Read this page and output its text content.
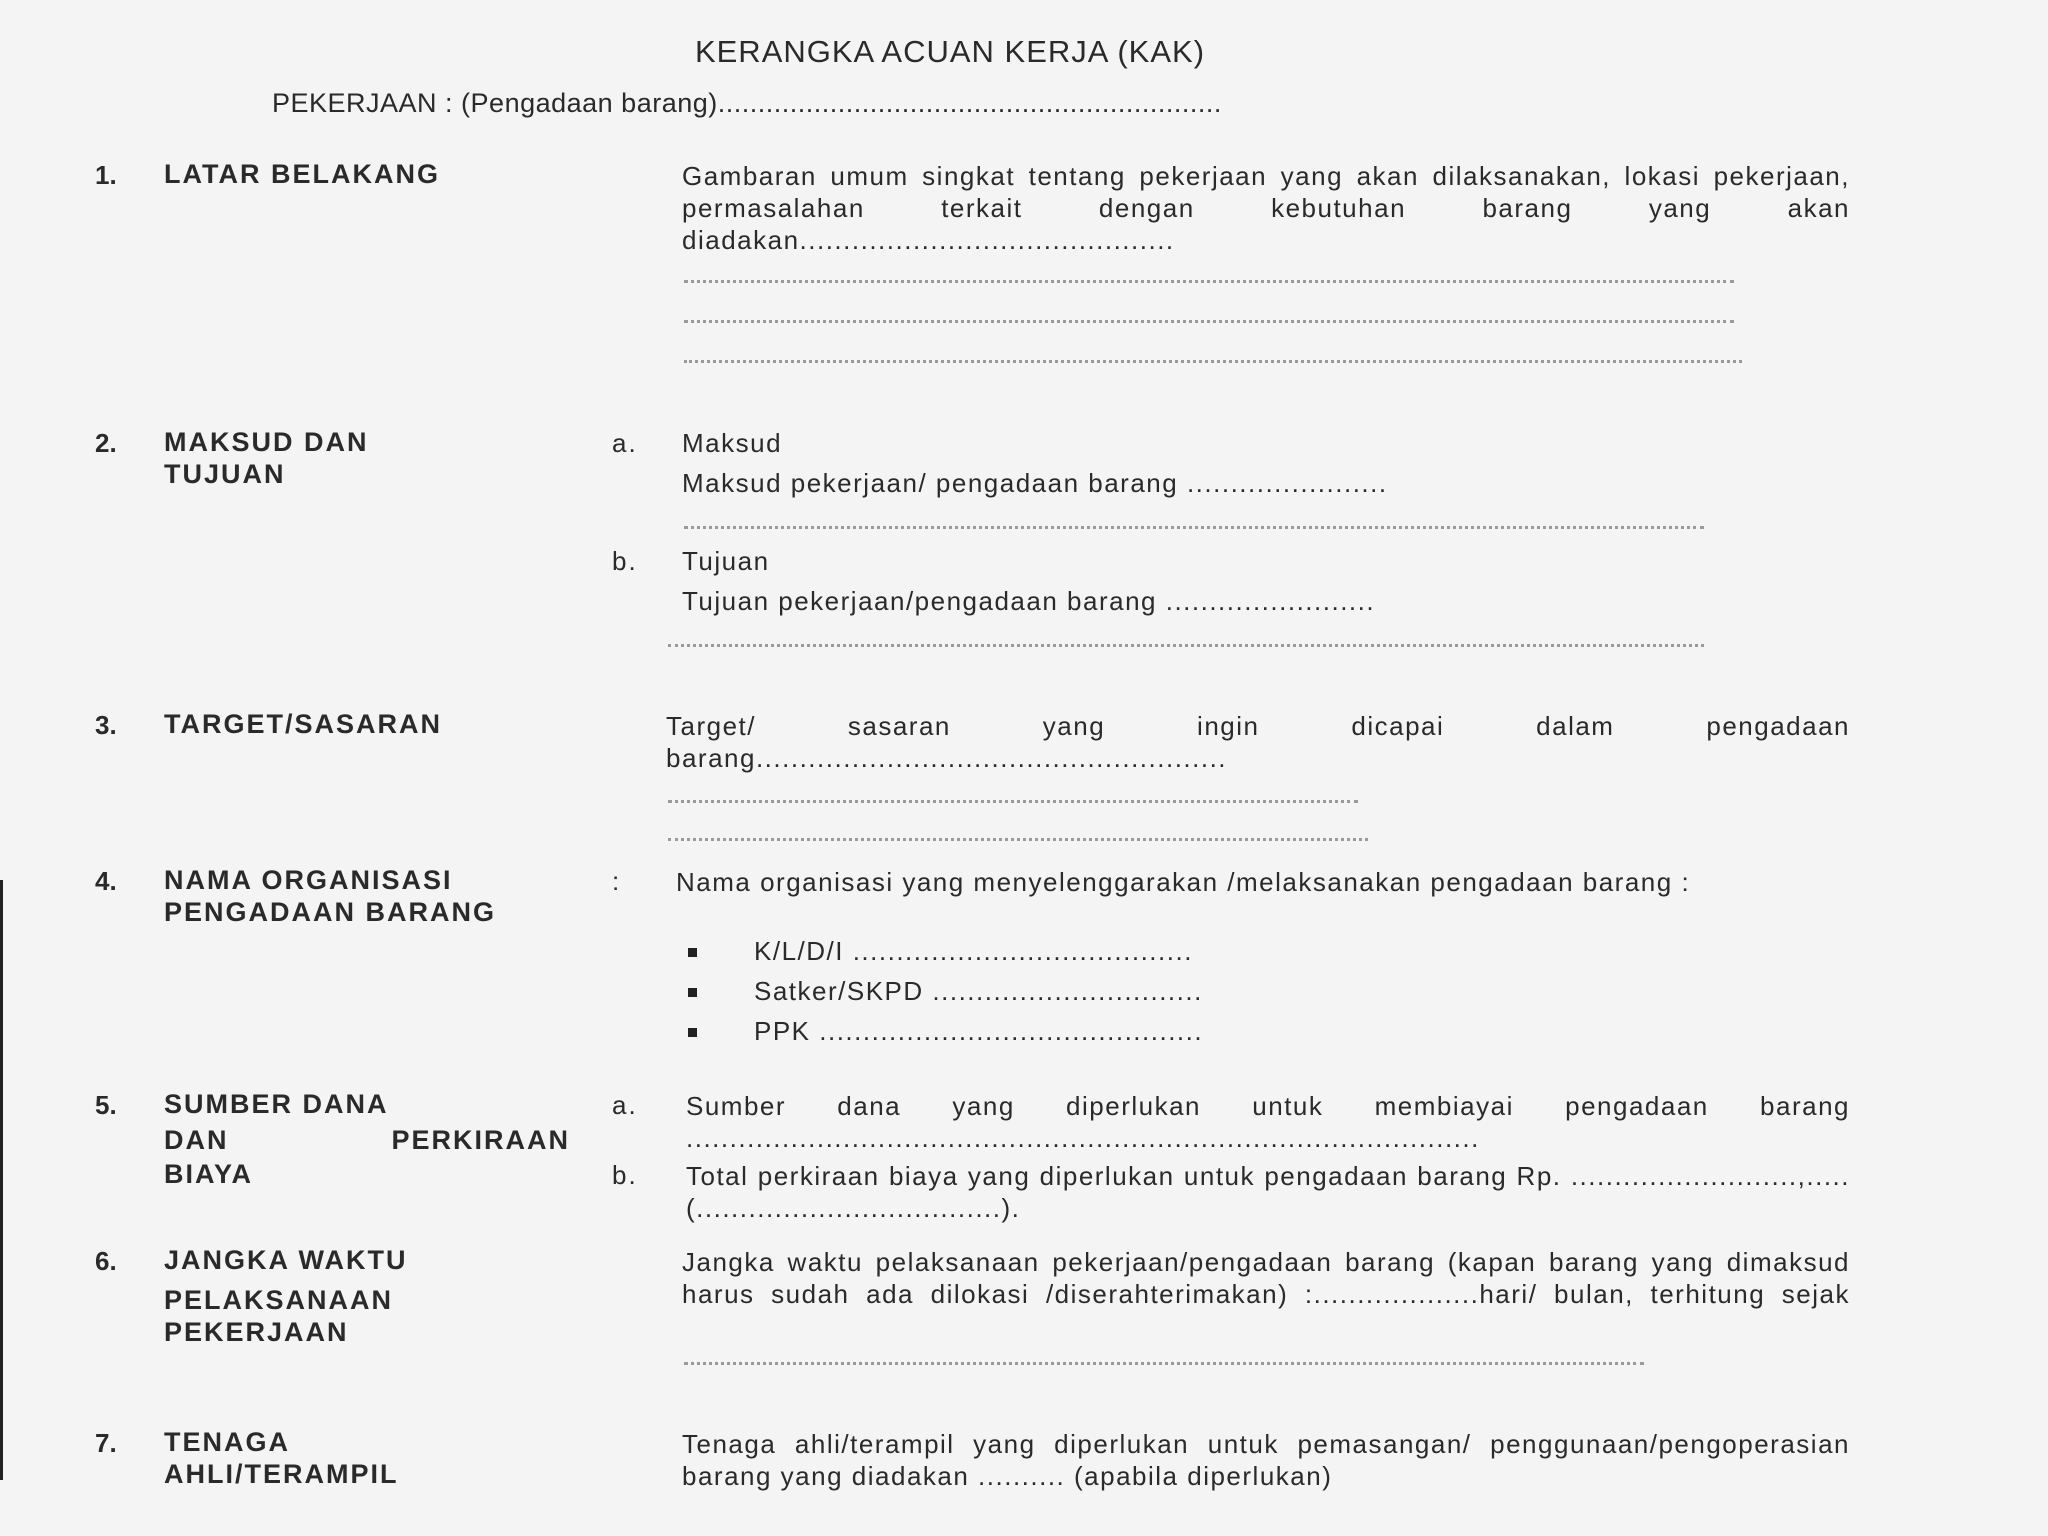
KERANGKA ACUAN KERJA (KAK)
PEKERJAAN : (Pengadaan barang)...............................................................
1. LATAR BELAKANG	Gambaran umum singkat tentang pekerjaan yang akan dilaksanakan, lokasi pekerjaan, permasalahan terkait dengan kebutuhan barang yang akan diadakan...........................................
2. MAKSUD DAN TUJUAN
a. Maksud
Maksud pekerjaan/ pengadaan barang .......................
b. Tujuan
Tujuan pekerjaan/pengadaan barang ........................
3. TARGET/SASARAN	Target/ sasaran yang ingin dicapai dalam pengadaan barang......................................................
4. NAMA ORGANISASI PENGADAAN BARANG
: Nama organisasi yang menyelenggarakan /melaksanakan pengadaan barang :
K/L/D/I .......................................
Satker/SKPD ...............................
PPK ............................................
5. SUMBER DANA
DAN PERKIRAAN
BIAYA
a. Sumber dana yang diperlukan untuk membiayai pengadaan barang ...........................................................................................
b. Total perkiraan biaya yang diperlukan untuk pengadaan barang Rp. ..........................,.....(...................................).
6. JANGKA WAKTU
PELAKSANAAN
PEKERJAAN
Jangka waktu pelaksanaan pekerjaan/pengadaan barang (kapan barang yang dimaksud harus sudah ada dilokasi /diserahterimakan) :...................hari/ bulan, terhitung sejak
7. TENAGA AHLI/TERAMPIL
Tenaga ahli/terampil yang diperlukan untuk pemasangan/ penggunaan/pengoperasian barang yang diadakan .......... (apabila diperlukan)
